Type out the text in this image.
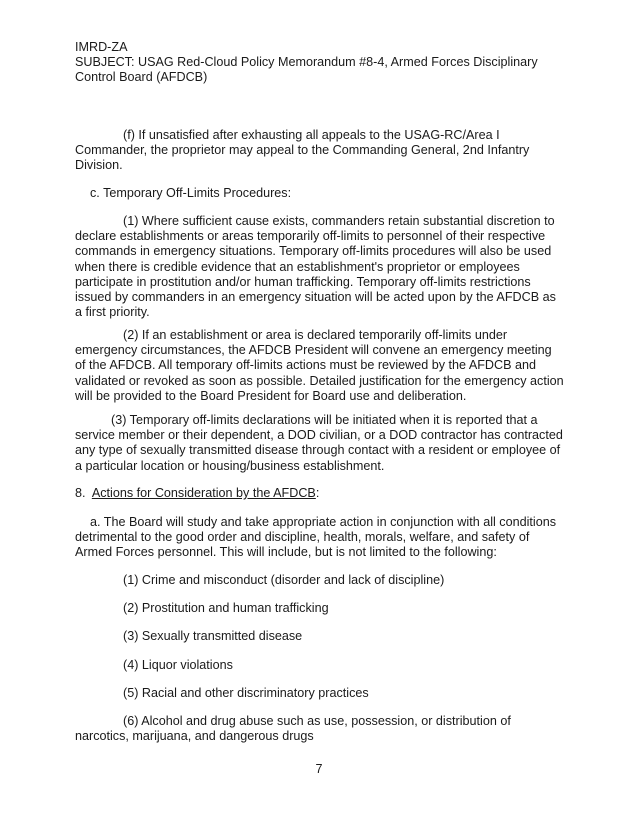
IMRD-ZA
SUBJECT: USAG Red-Cloud Policy Memorandum #8-4, Armed Forces Disciplinary
Control Board (AFDCB)

(f) If unsatisfied after exhausting all appeals to the USAG-RC/Area I Commander, the proprietor may appeal to the Commanding General, 2nd Infantry Division.

c. Temporary Off-Limits Procedures:

(1) Where sufficient cause exists, commanders retain substantial discretion to declare establishments or areas temporarily off-limits to personnel of their respective commands in emergency situations. Temporary off-limits procedures will also be used when there is credible evidence that an establishment's proprietor or employees participate in prostitution and/or human trafficking. Temporary off-limits restrictions issued by commanders in an emergency situation will be acted upon by the AFDCB as a first priority.

(2) If an establishment or area is declared temporarily off-limits under emergency circumstances, the AFDCB President will convene an emergency meeting of the AFDCB. All temporary off-limits actions must be reviewed by the AFDCB and validated or revoked as soon as possible. Detailed justification for the emergency action will be provided to the Board President for Board use and deliberation.

(3) Temporary off-limits declarations will be initiated when it is reported that a service member or their dependent, a DOD civilian, or a DOD contractor has contracted any type of sexually transmitted disease through contact with a resident or employee of a particular location or housing/business establishment.

8. Actions for Consideration by the AFDCB:

a. The Board will study and take appropriate action in conjunction with all conditions detrimental to the good order and discipline, health, morals, welfare, and safety of Armed Forces personnel. This will include, but is not limited to the following:

(1) Crime and misconduct (disorder and lack of discipline)

(2) Prostitution and human trafficking

(3) Sexually transmitted disease

(4) Liquor violations

(5) Racial and other discriminatory practices

(6) Alcohol and drug abuse such as use, possession, or distribution of narcotics, marijuana, and dangerous drugs

7
